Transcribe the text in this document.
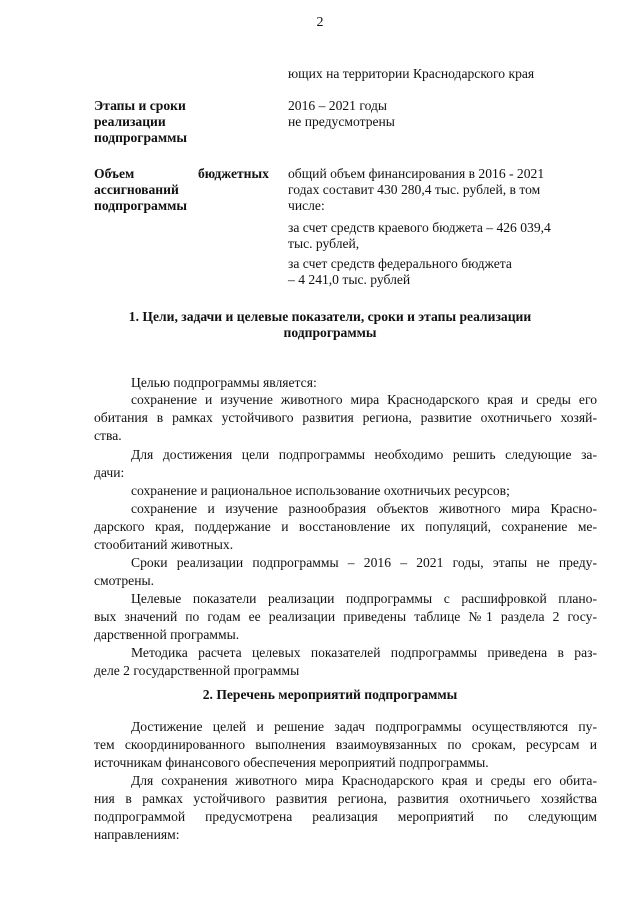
2
ющих на территории Краснодарского края
Этапы и сроки
реализации
подпрограммы
2016 – 2021 годы
не предусмотрены
Объем	бюджетных
ассигнований
подпрограммы
общий объем финансирования в 2016 - 2021
годах составит 430 280,4 тыс. рублей, в том
числе:
за счет средств краевого бюджета – 426 039,4
тыс. рублей,
за счет средств федерального бюджета
– 4 241,0 тыс. рублей
1. Цели, задачи и целевые показатели, сроки и этапы реализации
подпрограммы
Целью подпрограммы является:
сохранение и изучение животного мира Краснодарского края и среды его
обитания в рамках устойчивого развития региона, развитие охотничьего хозяй-
ства.
Для достижения цели подпрограммы необходимо решить следующие за-
дачи:
сохранение и рациональное использование охотничьих ресурсов;
сохранение и изучение разнообразия объектов животного мира Красно-
дарского края, поддержание и восстановление их популяций, сохранение ме-
стообитаний животных.
Сроки реализации подпрограммы – 2016 – 2021 годы, этапы не преду-
смотрены.
Целевые показатели реализации подпрограммы с расшифровкой плано-
вых значений по годам ее реализации приведены таблице №1 раздела 2 госу-
дарственной программы.
Методика расчета целевых показателей подпрограммы приведена в раз-
деле 2 государственной программы
2. Перечень мероприятий подпрограммы
Достижение целей и решение задач подпрограммы осуществляются пу-
тем скоординированного выполнения взаимоувязанных по срокам, ресурсам и
источникам финансового обеспечения мероприятий подпрограммы.
Для сохранения животного мира Краснодарского края и среды его обита-
ния в рамках устойчивого развития региона, развития охотничьего хозяйства
подпрограммой предусмотрена реализация мероприятий по следующим
направлениям:
